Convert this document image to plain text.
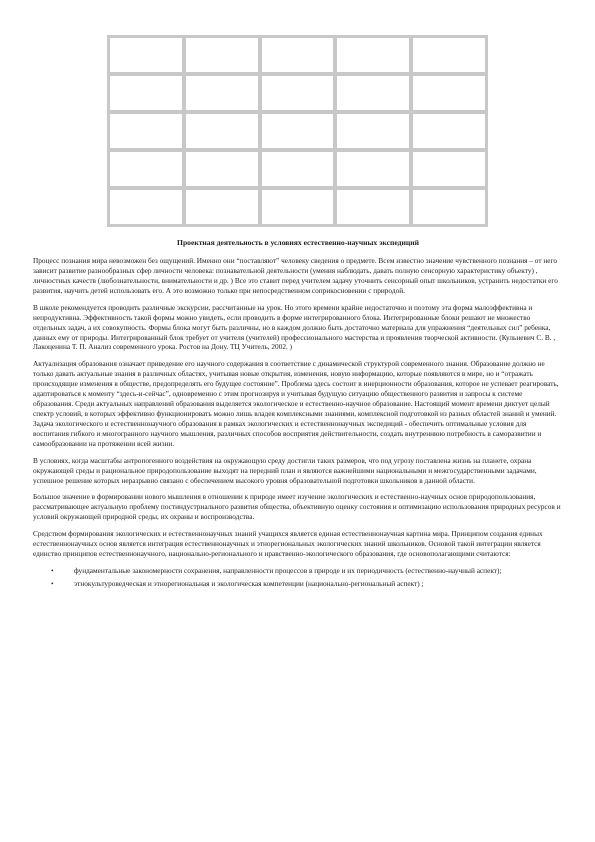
Проектная деятельность в условиях естественно-научных экспедиций

Процесс познания мира невозможен без ощущений. Именно они “поставляют” человеку сведения о предмете. Всем известно значение чувственного познания – от него зависит развитие разнообразных сфер личности человека: познавательной деятельности (умения наблюдать, давать полную сенсорную характеристику объекту) , личностных качеств (любознательности, внимательности и др. ) Все это ставит перед учителем задачу уточнить сенсорный опыт школьников, устранить недостатки его развития, научить детей использовать его. А это возможно только при непосредственном соприкосновении с природой.

В школе рекомендуется проводить различные экскурсии, рассчитанные на урок. Но этого времени крайне недостаточно и поэтому эта форма малоэффективна и непродуктивна. Эффективность такой формы можно увидеть, если проводить в форме интегрированного блока. Интегрированные блоки решают не множество отдельных задач, а их совокупность. Формы блока могут быть различны, но в каждом должно быть достаточно материала для упражнения “деятельных сил” ребенка, данных ему от природы. Интегрированный блок требует от учителя (учителей) профессионального мастерства и проявления творческой активности. (Кульневич С. В. , Лакоценина Т. П. Анализ современного урока. Ростов на Дону. ТЦ Учитель, 2002. )

Актуализация образования означает приведение его научного содержания в соответствие с динамической структурой современного знания. Образование должно не только давать актуальные знания в различных областях, учитывая новые открытия, изменения, новую информацию, которые появляются в мире, но и “отражать происходящие изменения в обществе, предопределять его будущее состояние”. Проблема здесь состоит в инерционности образования, которое не успевает реагировать, адаптироваться к моменту “здесь-и-сейчас”, одновременно с этим прогнозируя и учитывая будущую ситуацию общественного развития и запросы к системе образования. Среди актуальных направлений образования выделяется экологическое и естественно-научное образование. Настоящий момент времени диктует целый спектр условий, в которых эффективно функционировать можно лишь владея комплексными знаниями, комплексной подготовкой из разных областей знаний и умений. Задача экологического и естественнонаучного образования в рамках экологических и естественнонаучных экспедиций - обеспечить оптимальные условия для воспитания гибкого и многогранного научного мышления, различных способов восприятия действительности, создать внутреннюю потребность в саморазвитии и самообразовании на протяжении всей жизни.

В условиях, когда масштабы антропогенного воздействия на окружающую среду достигли таких размеров, что под угрозу поставлена жизнь на планете, охрана окружающей среды и рациональное природопользование выходят на передний план и являются важнейшими национальными и межгосударственными задачами, успешное решение которых неразрывно связано с обеспечением высокого уровня образовательной подготовки школьников в данной области.

Большое значение в формировании нового мышления в отношении к природе имеет изучение экологических и естественно-научных основ природопользования, рассматривающее актуальную проблему постиндустриального развития общества, объективную оценку состояния и оптимизацию использования природных ресурсов и условий окружающей природной среды, их охраны и воспроизводства.

Средством формирования экологических и естественнонаучных знаний учащихся является единая естественнонаучная картина мира. Принципом создания единых естественнонаучных основ является интеграция естественнонаучных и этнорегиональных экологических знаний школьников. Основой такой интеграции является единство принципов естественнонаучного, национально-регионального и нравственно-экологического образования, где основополагающими считаются:

•	фундаментальные закономерности сохранения, направленности процессов в природе и их периодичность (естественно-научный аспект);
•	этнокультуроведческая и этнорегиональная и экологическая компетенции (национально-региональный аспект) ;
